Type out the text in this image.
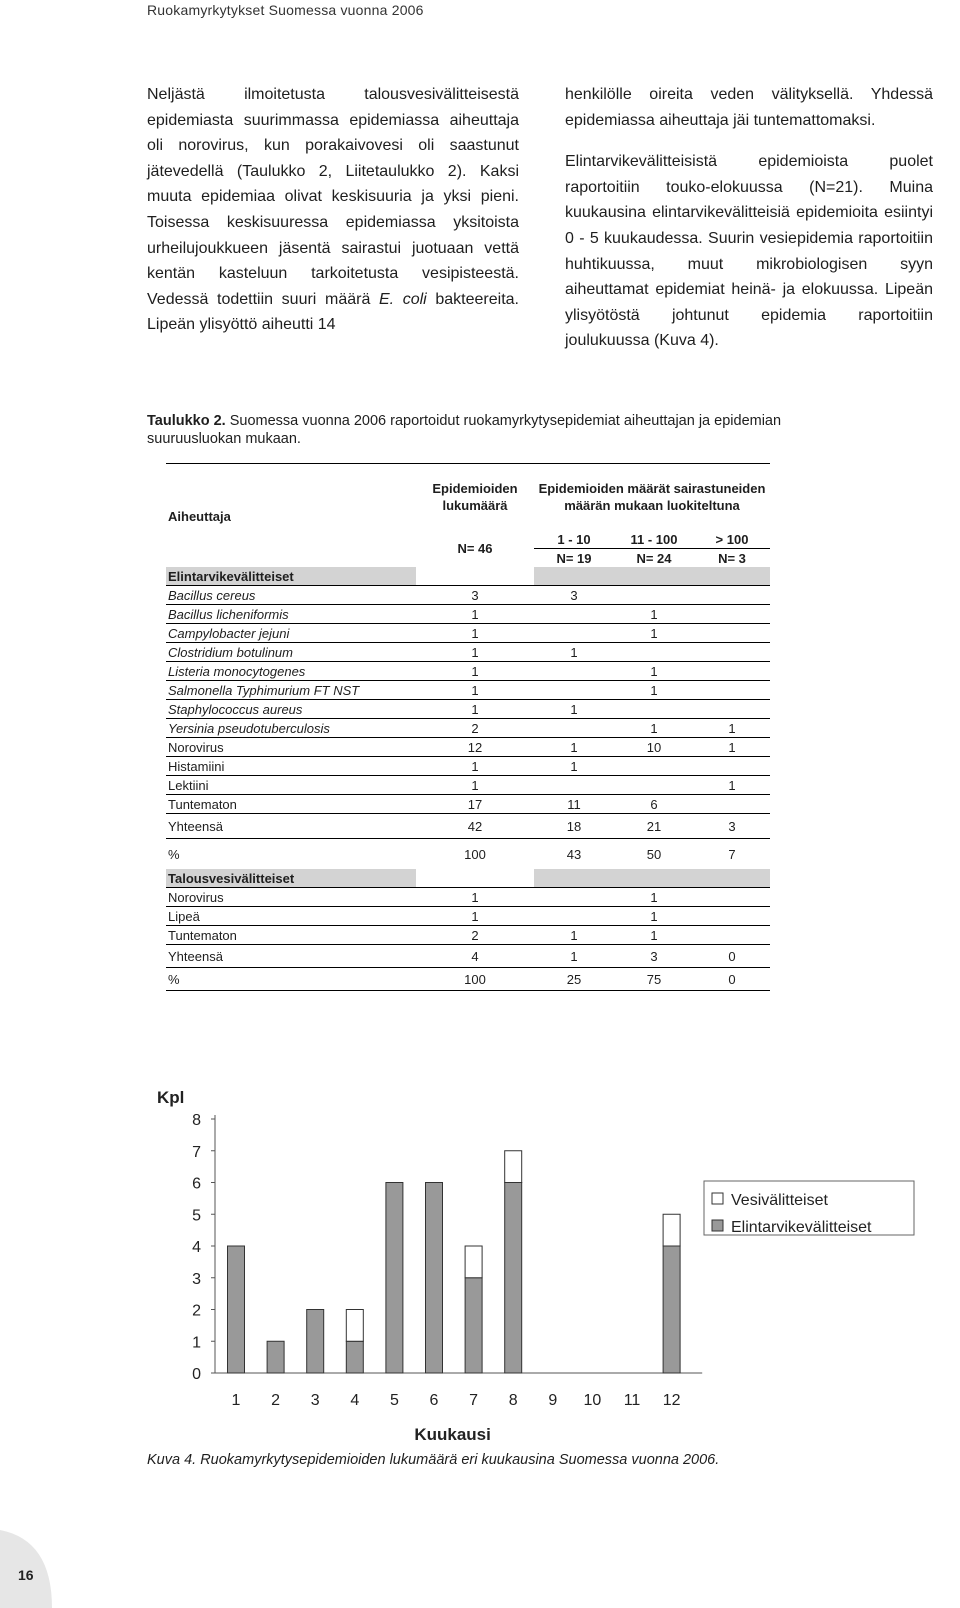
Ruokamyrkytykset Suomessa vuonna 2006

Neljästä ilmoitetusta talousvesivälitteisestä epidemiasta suurimmassa epidemiassa aiheuttaja oli norovirus, kun porakaivovesi oli saastunut jätevedellä (Taulukko 2, Liitetaulukko 2). Kaksi muuta epidemiaa olivat keskisuuria ja yksi pieni. Toisessa keskisuuressa epidemiassa yksitoista urheilujoukkueen jäsentä sairastui juotuaan vettä kentän kasteluun tarkoitetusta vesipisteestä. Vedessä todettiin suuri määrä E. coli bakteereita. Lipeän ylisyöttö aiheutti 14

henkilölle oireita veden välityksellä. Yhdessä epidemiassa aiheuttaja jäi tuntemattomaksi.

Elintarvikevälitteisistä epidemioista puolet raportoitiin touko-elokuussa (N=21). Muina kuukausina elintarvikevälitteisiä epidemioita esiintyi 0 - 5 kuukaudessa. Suurin vesiepidemia raportoitiin huhtikuussa, muut mikrobiologisen syyn aiheuttamat epidemiat heinä- ja elokuussa. Lipeän ylisyötöstä johtunut epidemia raportoitiin joulukuussa (Kuva 4).

Taulukko 2. Suomessa vuonna 2006 raportoidut ruokamyrkytysepidemiat aiheuttajan ja epidemian suuruusluokan mukaan.
Aiheuttaja	Epidemioiden lukumäärä	Epidemioiden määrät sairastuneiden määrän mukaan luokiteltuna		

	N= 46	1 - 10	11 - 100	> 100
		N= 19	N= 24	N= 3
Elintarvikevälitteiset				
Bacillus cereus	3	3		
Bacillus licheniformis	1		1	
Campylobacter jejuni	1		1	
Clostridium botulinum	1	1		
Listeria monocytogenes	1		1	
Salmonella Typhimurium FT NST	1		1	
Staphylococcus aureus	1	1		
Yersinia pseudotuberculosis	2		1	1
Norovirus	12	1	10	1
Histamiini	1	1		
Lektiini	1			1
Tuntematon	17	11	6	
Yhteensä	42	18	21	3
%	100	43	50	7
Talousvesivälitteiset				
Norovirus	1		1	
Lipeä	1		1	
Tuntematon	2	1	1	
Yhteensä	4	1	3	0
%	100	25	75	0
0
1
2
3
4
5
6
7
8
Kpl
1 2 3 4 5 6 7 8 9 10 11 12
Kuukausi
Vesivälitteiset
Elintarvikevälitteiset
Kuva 4. Ruokamyrkytysepidemioiden lukumäärä eri kuukausina Suomessa vuonna 2006.
16
